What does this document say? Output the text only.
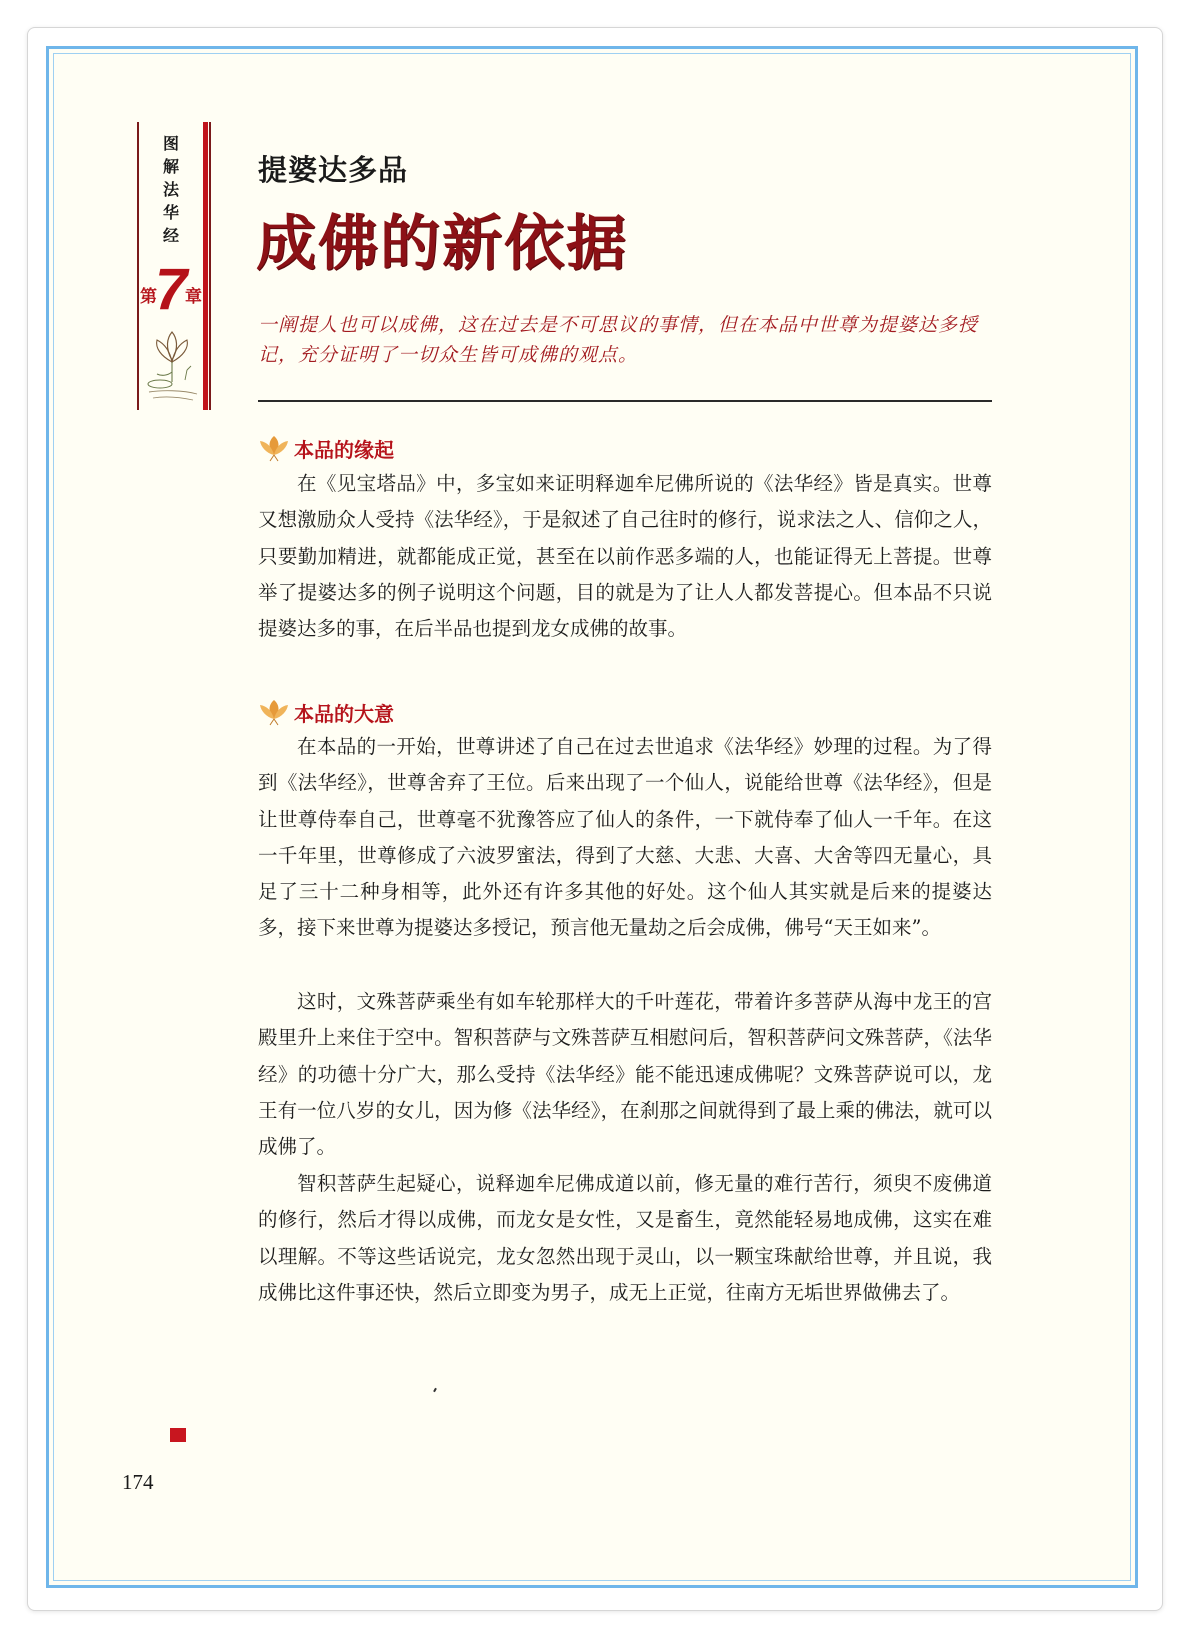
图解法华经
第
7
章
提婆达多品
成佛的新依据
一阐提人也可以成佛，这在过去是不可思议的事情，但在本品中世尊为提婆达多授记，充分证明了一切众生皆可成佛的观点。
本品的缘起

在《见宝塔品》中，多宝如来证明释迦牟尼佛所说的《法华经》皆是真实。世尊又想激励众人受持《法华经》，于是叙述了自己往时的修行，说求法之人、信仰之人，只要勤加精进，就都能成正觉，甚至在以前作恶多端的人，也能证得无上菩提。世尊举了提婆达多的例子说明这个问题，目的就是为了让人人都发菩提心。但本品不只说提婆达多的事，在后半品也提到龙女成佛的故事。

本品的大意

在本品的一开始，世尊讲述了自己在过去世追求《法华经》妙理的过程。为了得到《法华经》，世尊舍弃了王位。后来出现了一个仙人，说能给世尊《法华经》，但是让世尊侍奉自己，世尊毫不犹豫答应了仙人的条件，一下就侍奉了仙人一千年。在这一千年里，世尊修成了六波罗蜜法，得到了大慈、大悲、大喜、大舍等四无量心，具足了三十二种身相等，此外还有许多其他的好处。这个仙人其实就是后来的提婆达多，接下来世尊为提婆达多授记，预言他无量劫之后会成佛，佛号“天王如来”。

这时，文殊菩萨乘坐有如车轮那样大的千叶莲花，带着许多菩萨从海中龙王的宫殿里升上来住于空中。智积菩萨与文殊菩萨互相慰问后，智积菩萨问文殊菩萨，《法华经》的功德十分广大，那么受持《法华经》能不能迅速成佛呢？文殊菩萨说可以，龙王有一位八岁的女儿，因为修《法华经》，在刹那之间就得到了最上乘的佛法，就可以成佛了。

智积菩萨生起疑心，说释迦牟尼佛成道以前，修无量的难行苦行，须臾不废佛道的修行，然后才得以成佛，而龙女是女性，又是畜生，竟然能轻易地成佛，这实在难以理解。不等这些话说完，龙女忽然出现于灵山，以一颗宝珠献给世尊，并且说，我成佛比这件事还快，然后立即变为男子，成无上正觉，往南方无垢世界做佛去了。

174
